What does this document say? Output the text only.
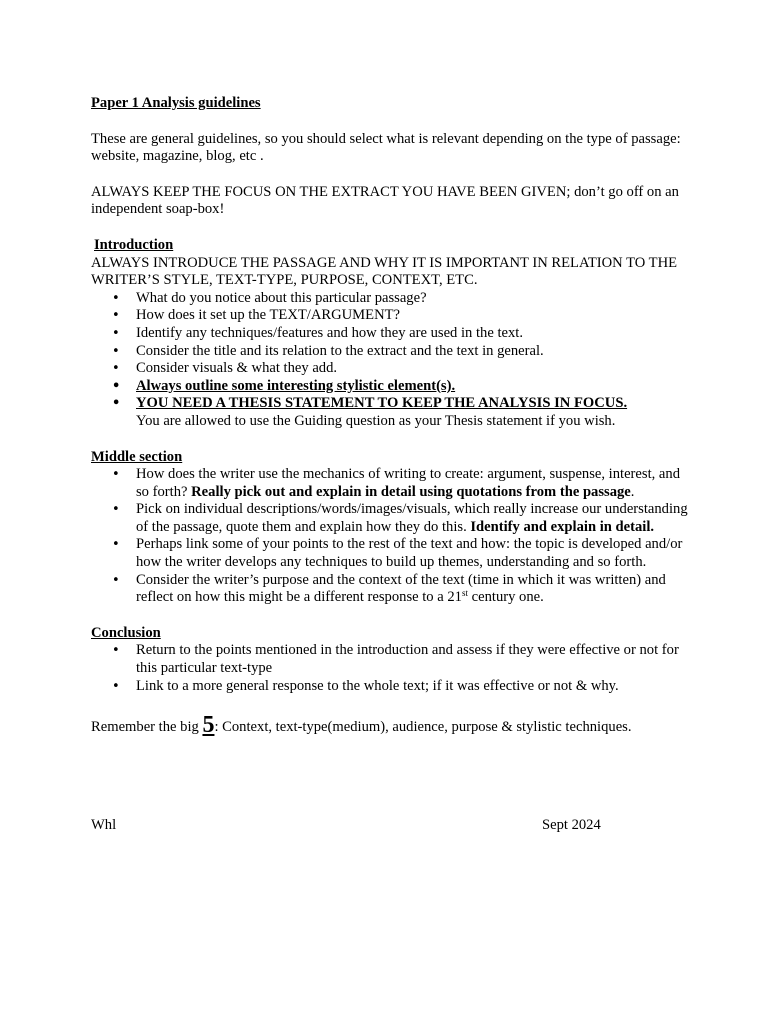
Paper 1 Analysis guidelines

These are general guidelines, so you should select what is relevant depending on the type of passage: website, magazine, blog, etc .

ALWAYS KEEP THE FOCUS ON THE EXTRACT YOU HAVE BEEN GIVEN; don’t go off on an independent soap-box!

Introduction

ALWAYS INTRODUCE THE PASSAGE AND WHY IT IS IMPORTANT IN RELATION TO THE WRITER’S STYLE, TEXT-TYPE, PURPOSE, CONTEXT, ETC.

• What do you notice about this particular passage?
• How does it set up the TEXT/ARGUMENT?
• Identify any techniques/features and how they are used in the text.
• Consider the title and its relation to the extract and the text in general.
• Consider visuals & what they add.
• Always outline some interesting stylistic element(s).
• YOU NEED A THESIS STATEMENT TO KEEP THE ANALYSIS IN FOCUS.
You are allowed to use the Guiding question as your Thesis statement if you wish.

Middle section

• How does the writer use the mechanics of writing to create: argument, suspense, interest, and so forth? Really pick out and explain in detail using quotations from the passage.
• Pick on individual descriptions/words/images/visuals, which really increase our understanding of the passage, quote them and explain how they do this. Identify and explain in detail.
• Perhaps link some of your points to the rest of the text and how: the topic is developed and/or how the writer develops any techniques to build up themes, understanding and so forth.
• Consider the writer’s purpose and the context of the text (time in which it was written) and reflect on how this might be a different response to a 21st century one.

Conclusion

• Return to the points mentioned in the introduction and assess if they were effective or not for this particular text-type
• Link to a more general response to the whole text; if it was effective or not & why.

Remember the big 5: Context, text-type(medium), audience, purpose & stylistic techniques.

Whl	Sept 2024
